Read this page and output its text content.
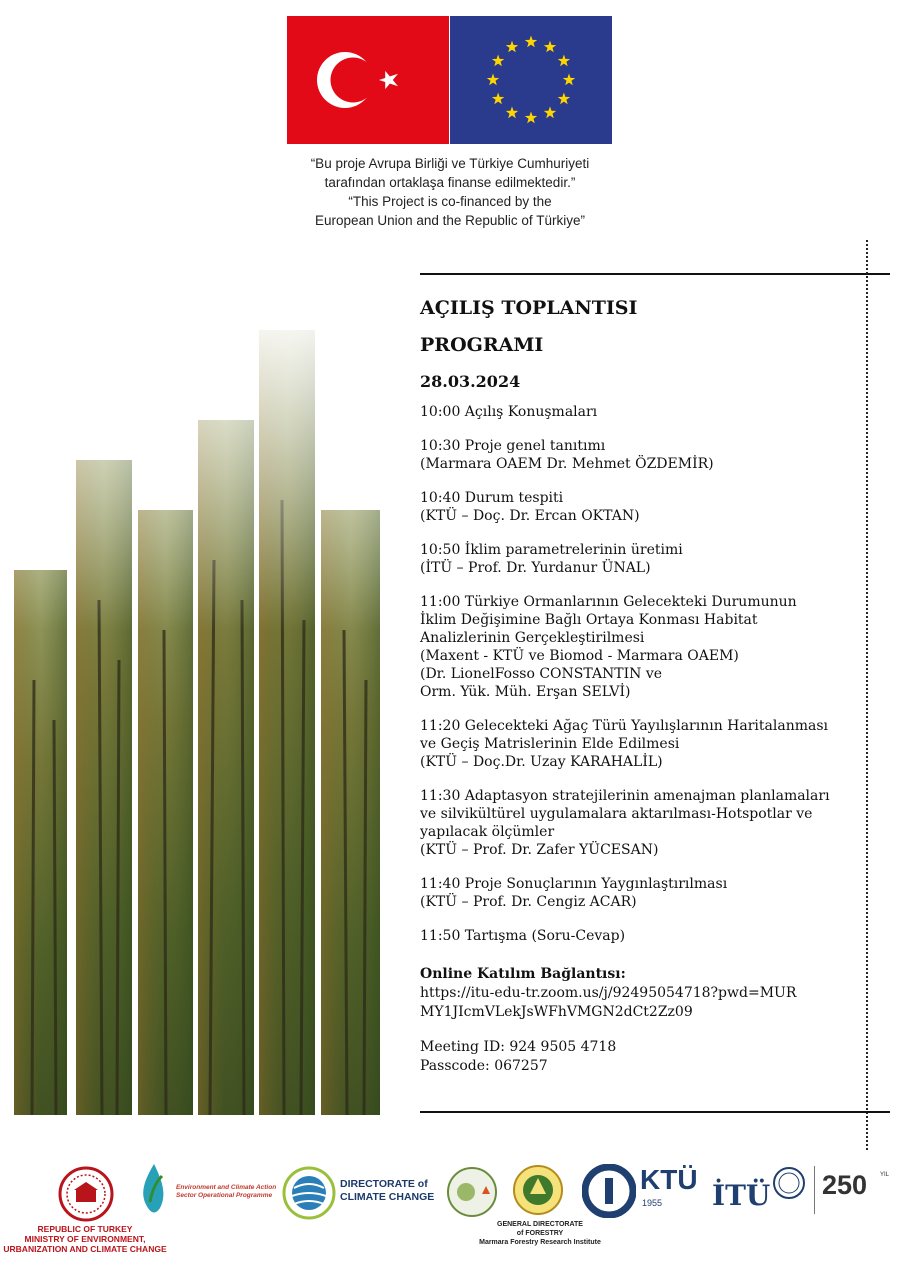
“Bu proje Avrupa Birliği ve Türkiye Cumhuriyeti
tarafından ortaklaşa finanse edilmektedir.”
“This Project is co-financed by the
European Union and the Republic of Türkiye”
AÇILIŞ TOPLANTISI
PROGRAMI
28.03.2024
10:00 Açılış Konuşmaları
10:30 Proje genel tanıtımı
(Marmara OAEM Dr. Mehmet ÖZDEMİR)
10:40 Durum tespiti
(KTÜ – Doç. Dr. Ercan OKTAN)
10:50 İklim parametrelerinin üretimi
(İTÜ – Prof. Dr. Yurdanur ÜNAL)
11:00 Türkiye Ormanlarının Gelecekteki Durumunun
İklim Değişimine Bağlı Ortaya Konması Habitat
Analizlerinin Gerçekleştirilmesi
(Maxent - KTÜ ve Biomod - Marmara OAEM)
(Dr. LionelFosso CONSTANTIN ve
Orm. Yük. Müh. Erşan SELVİ)
11:20 Gelecekteki Ağaç Türü Yayılışlarının Haritalanması
ve Geçiş Matrislerinin Elde Edilmesi
(KTÜ – Doç.Dr. Uzay KARAHALİL)
11:30 Adaptasyon stratejilerinin amenajman planlamaları
ve silvikültürel uygulamalara aktarılması-Hotspotlar ve
yapılacak ölçümler
(KTÜ – Prof. Dr. Zafer YÜCESAN)
11:40 Proje Sonuçlarının Yaygınlaştırılması
(KTÜ – Prof. Dr. Cengiz ACAR)
11:50 Tartışma (Soru-Cevap)
Online Katılım Bağlantısı:
https://itu-edu-tr.zoom.us/j/92495054718?pwd=MUR
MY1JIcmVLekJsWFhVMGN2dCt2Zz09
Meeting ID: 924 9505 4718
Passcode: 067257
REPUBLIC OF TURKEY
MINISTRY OF ENVIRONMENT,
URBANIZATION AND CLIMATE CHANGE
Environment and Climate Action
Sector Operational Programme
DIRECTORATE of
CLIMATE CHANGE
GENERAL DIRECTORATE
of FORESTRY
Marmara Forestry Research Institute
KTÜ
1955 İTÜ 250 YIL
